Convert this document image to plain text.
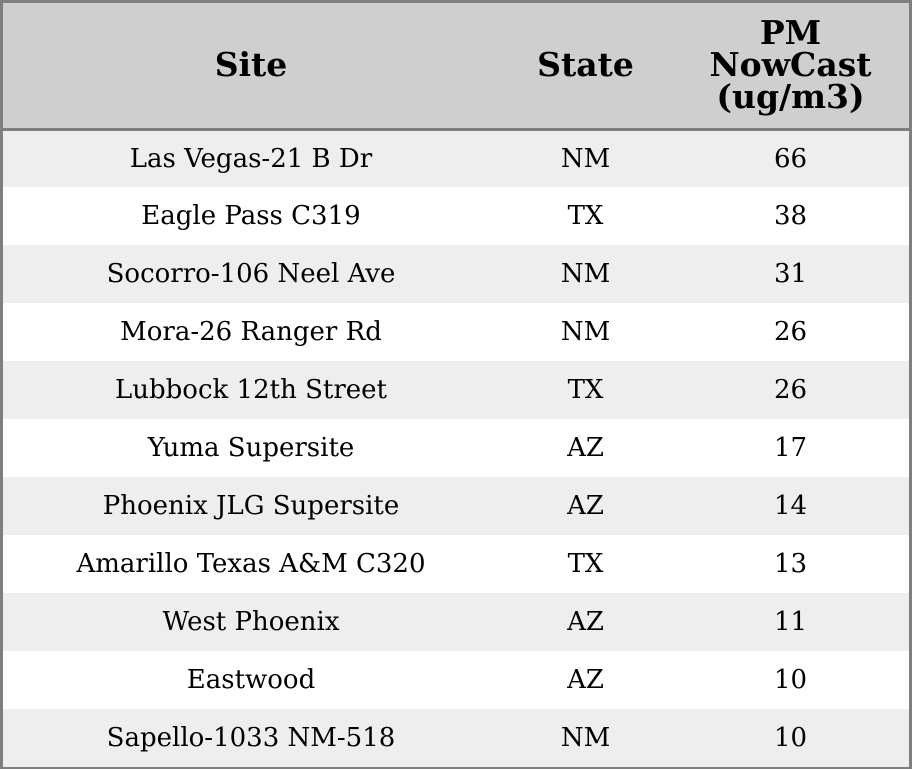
Site	State	PM
NowCast
(ug/m3)

Las Vegas-21 B Dr	NM	66
Eagle Pass C319	TX	38
Socorro-106 Neel Ave	NM	31
Mora-26 Ranger Rd	NM	26
Lubbock 12th Street	TX	26
Yuma Supersite	AZ	17
Phoenix JLG Supersite	AZ	14
Amarillo Texas A&M C320	TX	13
West Phoenix	AZ	11
Eastwood	AZ	10
Sapello-1033 NM-518	NM	10
